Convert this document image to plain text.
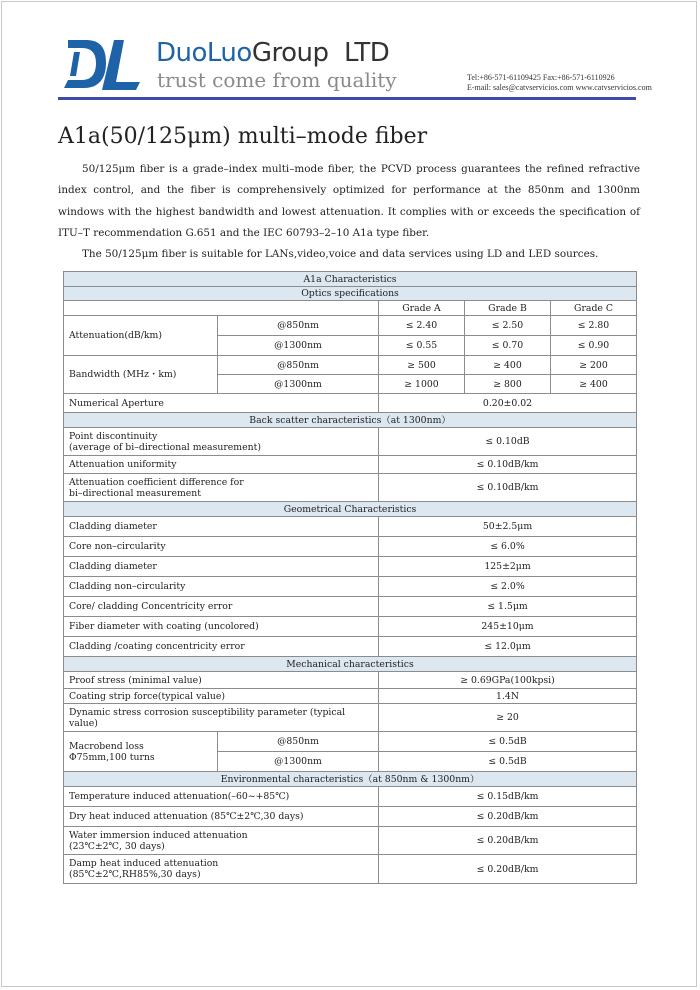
DuoLuoGroup LTD
trust come from quality	Tel:+86-571-61109425 Fax:+86-571-6110926
E-mail: sales@catvservicios.com www.catvservicios.com
A1a(50/125μm) multi–mode fiber

50/125μm fiber is a grade–index multi–mode fiber, the PCVD process guarantees the refined refractive index control, and the fiber is comprehensively optimized for performance at the 850nm and 1300nm windows with the highest bandwidth and lowest attenuation. It complies with or exceeds the specification of ITU–T recommendation G.651 and the IEC 60793–2–10 A1a type fiber.

The 50/125μm fiber is suitable for LANs,video,voice and data services using LD and LED sources.

A1a Characteristics				
Optics specifications				
		Grade A	Grade B	Grade C
Attenuation(dB/km)	@850nm	≤ 2.40	≤ 2.50	≤ 2.80
	@1300nm	≤ 0.55	≤ 0.70	≤ 0.90
Bandwidth (MHz・km)	@850nm	≥ 500	≥ 400	≥ 200
	@1300nm	≥ 1000	≥ 800	≥ 400
Numerical Aperture		0.20±0.02		
Back scatter characteristics（at 1300nm）				
Point discontinuity
(average of bi–directional measurement)		≤ 0.10dB		
Attenuation uniformity		≤ 0.10dB/km		
Attenuation coefficient difference for
bi–directional measurement		≤ 0.10dB/km		
Geometrical Characteristics				
Cladding diameter		50±2.5μm		
Core non–circularity		≤ 6.0%		
Cladding diameter		125±2μm		
Cladding non–circularity		≤ 2.0%		
Core/ cladding Concentricity error		≤ 1.5μm		
Fiber diameter with coating (uncolored)		245±10μm		
Cladding /coating concentricity error		≤ 12.0μm		
Mechanical characteristics				
Proof stress (minimal value)		≥ 0.69GPa(100kpsi)		
Coating strip force(typical value)		1.4N		
Dynamic stress corrosion susceptibility parameter (typical value)		≥ 20		
Macrobend loss
Φ75mm,100 turns	@850nm	≤ 0.5dB		
	@1300nm	≤ 0.5dB		
Environmental characteristics（at 850nm & 1300nm）				
Temperature induced attenuation(–60~+85℃)		≤ 0.15dB/km		
Dry heat induced attenuation (85℃±2℃,30 days)		≤ 0.20dB/km		
Water immersion induced attenuation
(23℃±2℃, 30 days)		≤ 0.20dB/km		
Damp heat induced attenuation
(85℃±2℃,RH85%,30 days)		≤ 0.20dB/km		
